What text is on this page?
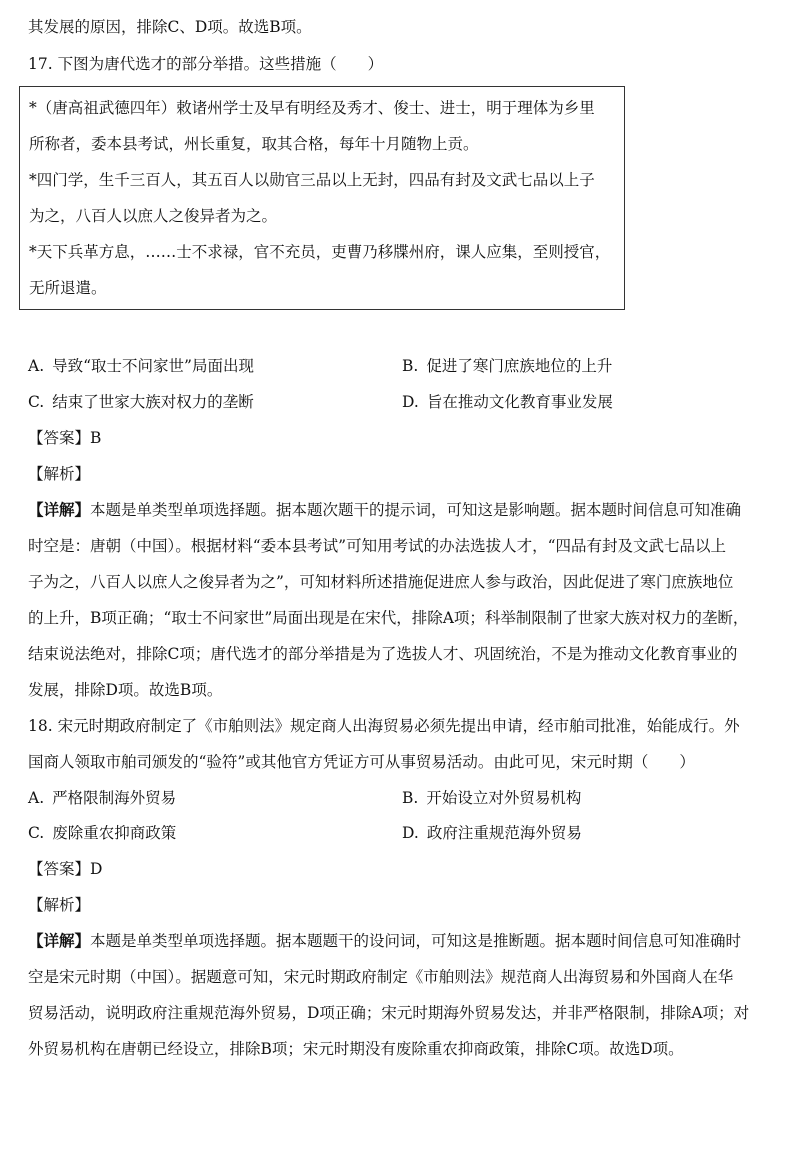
其发展的原因，排除C、D项。故选B项。
17. 下图为唐代选才的部分举措。这些措施（　　）
*（唐高祖武德四年）敕诸州学士及早有明经及秀才、俊士、进士，明于理体为乡里
所称者，委本县考试，州长重复，取其合格，每年十月随物上贡。
*四门学，生千三百人，其五百人以勋官三品以上无封，四品有封及文武七品以上子
为之，八百人以庶人之俊异者为之。
*天下兵革方息，……士不求禄，官不充员，吏曹乃移牒州府，课人应集，至则授官，
无所退遣。
A. 导致“取士不问家世”局面出现	B. 促进了寒门庶族地位的上升
C. 结束了世家大族对权力的垄断	D. 旨在推动文化教育事业发展
【答案】B
【解析】
【详解】本题是单类型单项选择题。据本题次题干的提示词，可知这是影响题。据本题时间信息可知准确
时空是：唐朝（中国）。根据材料“委本县考试”可知用考试的办法选拔人才，“四品有封及文武七品以上
子为之，八百人以庶人之俊异者为之”，可知材料所述措施促进庶人参与政治，因此促进了寒门庶族地位
的上升，B项正确；“取士不问家世”局面出现是在宋代，排除A项；科举制限制了世家大族对权力的垄断，
结束说法绝对，排除C项；唐代选才的部分举措是为了选拔人才、巩固统治，不是为推动文化教育事业的
发展，排除D项。故选B项。
18. 宋元时期政府制定了《市舶则法》规定商人出海贸易必须先提出申请，经市舶司批准，始能成行。外
国商人领取市舶司颁发的“验符”或其他官方凭证方可从事贸易活动。由此可见，宋元时期（　　）
A. 严格限制海外贸易	B. 开始设立对外贸易机构
C. 废除重农抑商政策	D. 政府注重规范海外贸易
【答案】D
【解析】
【详解】本题是单类型单项选择题。据本题题干的设问词，可知这是推断题。据本题时间信息可知准确时
空是宋元时期（中国）。据题意可知，宋元时期政府制定《市舶则法》规范商人出海贸易和外国商人在华
贸易活动，说明政府注重规范海外贸易，D项正确；宋元时期海外贸易发达，并非严格限制，排除A项；对
外贸易机构在唐朝已经设立，排除B项；宋元时期没有废除重农抑商政策，排除C项。故选D项。
